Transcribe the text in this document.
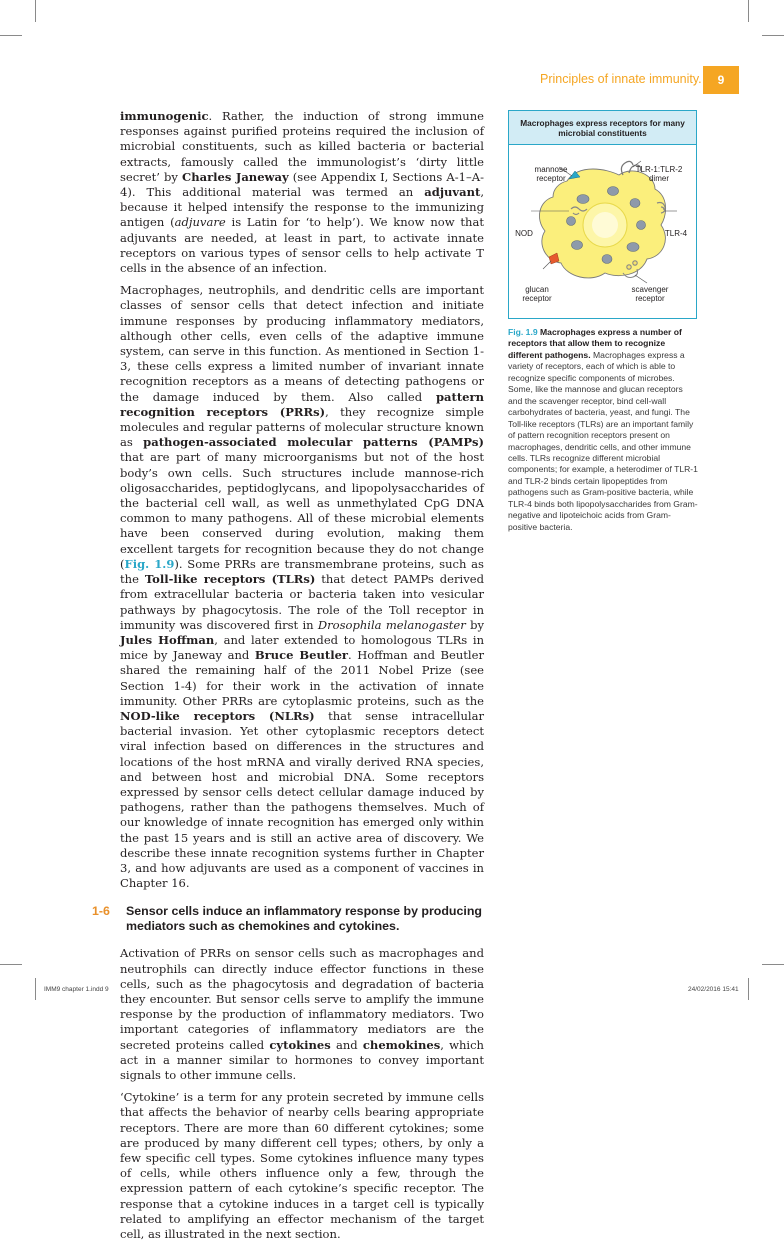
Principles of innate immunity.	9

immunogenic. Rather, the induction of strong immune responses against purified proteins required the inclusion of microbial constituents, such as killed bacteria or bacterial extracts, famously called the immunologist’s ‘dirty little secret’ by Charles Janeway (see Appendix I, Sections A-1–A-4). This additional material was termed an adjuvant, because it helped intensify the response to the immunizing antigen (adjuvare is Latin for ‘to help’). We know now that adjuvants are needed, at least in part, to activate innate receptors on various types of sensor cells to help activate T cells in the absence of an infection.

Macrophages, neutrophils, and dendritic cells are important classes of sensor cells that detect infection and initiate immune responses by producing inflammatory mediators, although other cells, even cells of the adaptive immune system, can serve in this function. As mentioned in Section 1-3, these cells express a limited number of invariant innate recognition receptors as a means of detecting pathogens or the damage induced by them. Also called pattern recognition receptors (PRRs), they recognize simple molecules and regular patterns of molecular structure known as pathogen-associated molecular patterns (PAMPs) that are part of many microorganisms but not of the host body’s own cells. Such structures include mannose-rich oligosaccharides, peptidoglycans, and lipopolysaccharides of the bacterial cell wall, as well as unmethylated CpG DNA common to many pathogens. All of these microbial elements have been conserved during evolution, making them excellent targets for recognition because they do not change (Fig. 1.9). Some PRRs are transmembrane proteins, such as the Toll-like receptors (TLRs) that detect PAMPs derived from extracellular bacteria or bacteria taken into vesicular pathways by phagocytosis. The role of the Toll receptor in immunity was discovered first in Drosophila melanogaster by Jules Hoffman, and later extended to homologous TLRs in mice by Janeway and Bruce Beutler. Hoffman and Beutler shared the remaining half of the 2011 Nobel Prize (see Section 1-4) for their work in the activation of innate immunity. Other PRRs are cytoplasmic proteins, such as the NOD-like receptors (NLRs) that sense intracellular bacterial invasion. Yet other cytoplasmic receptors detect viral infection based on differences in the structures and locations of the host mRNA and virally derived RNA species, and between host and microbial DNA. Some receptors expressed by sensor cells detect cellular damage induced by pathogens, rather than the pathogens themselves. Much of our knowledge of innate recognition has emerged only within the past 15 years and is still an active area of discovery. We describe these innate recognition systems further in Chapter 3, and how adjuvants are used as a component of vaccines in Chapter 16.

1-6	Sensor cells induce an inflammatory response by producing mediators such as chemokines and cytokines.

Activation of PRRs on sensor cells such as macrophages and neutrophils can directly induce effector functions in these cells, such as the phagocytosis and degradation of bacteria they encounter. But sensor cells serve to amplify the immune response by the production of inflammatory mediators. Two important categories of inflammatory mediators are the secreted proteins called cytokines and chemokines, which act in a manner similar to hormones to convey important signals to other immune cells.

‘Cytokine’ is a term for any protein secreted by immune cells that affects the behavior of nearby cells bearing appropriate receptors. There are more than 60 different cytokines; some are produced by many different cell types; others, by only a few specific cell types. Some cytokines influence many types of cells, while others influence only a few, through the expression pattern of each cytokine’s specific receptor. The response that a cytokine induces in a target cell is typically related to amplifying an effector mechanism of the target cell, as illustrated in the next section.

Macrophages express receptors for many microbial constituents
mannose receptor
TLR-1:TLR-2 dimer
NOD	TLR-4
glucan receptor
scavenger receptor
Fig. 1.9 Macrophages express a number of receptors that allow them to recognize different pathogens. Macrophages express a variety of receptors, each of which is able to recognize specific components of microbes. Some, like the mannose and glucan receptors and the scavenger receptor, bind cell-wall carbohydrates of bacteria, yeast, and fungi. The Toll-like receptors (TLRs) are an important family of pattern recognition receptors present on macrophages, dendritic cells, and other immune cells. TLRs recognize different microbial components; for example, a heterodimer of TLR-1 and TLR-2 binds certain lipopeptides from pathogens such as Gram-positive bacteria, while TLR-4 binds both lipopolysaccharides from Gram-negative and lipoteichoic acids from Gram-positive bacteria.
IMM9 chapter 1.indd 9	24/02/2016 15:41
